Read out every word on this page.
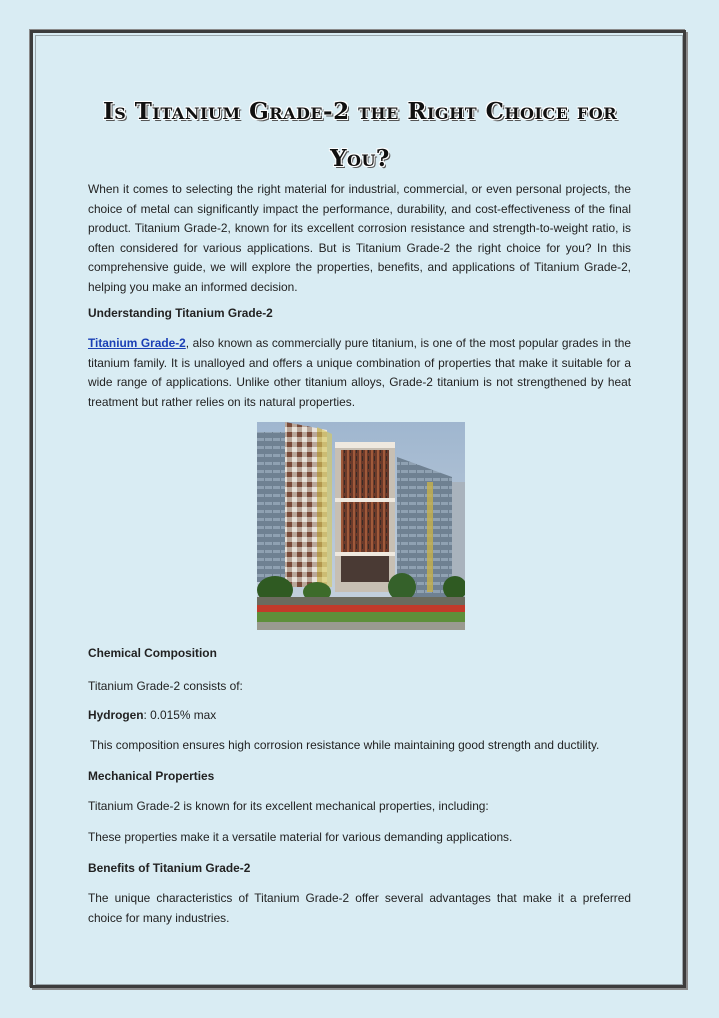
Is Titanium Grade-2 the Right Choice for You?

When it comes to selecting the right material for industrial, commercial, or even personal projects, the choice of metal can significantly impact the performance, durability, and cost-effectiveness of the final product. Titanium Grade-2, known for its excellent corrosion resistance and strength-to-weight ratio, is often considered for various applications. But is Titanium Grade-2 the right choice for you? In this comprehensive guide, we will explore the properties, benefits, and applications of Titanium Grade-2, helping you make an informed decision.

Understanding Titanium Grade-2

Titanium Grade-2, also known as commercially pure titanium, is one of the most popular grades in the titanium family. It is unalloyed and offers a unique combination of properties that make it suitable for a wide range of applications. Unlike other titanium alloys, Grade-2 titanium is not strengthened by heat treatment but rather relies on its natural properties.

Chemical Composition

Titanium Grade-2 consists of:

Hydrogen: 0.015% max

This composition ensures high corrosion resistance while maintaining good strength and ductility.

Mechanical Properties

Titanium Grade-2 is known for its excellent mechanical properties, including:

These properties make it a versatile material for various demanding applications.

Benefits of Titanium Grade-2

The unique characteristics of Titanium Grade-2 offer several advantages that make it a preferred choice for many industries.
